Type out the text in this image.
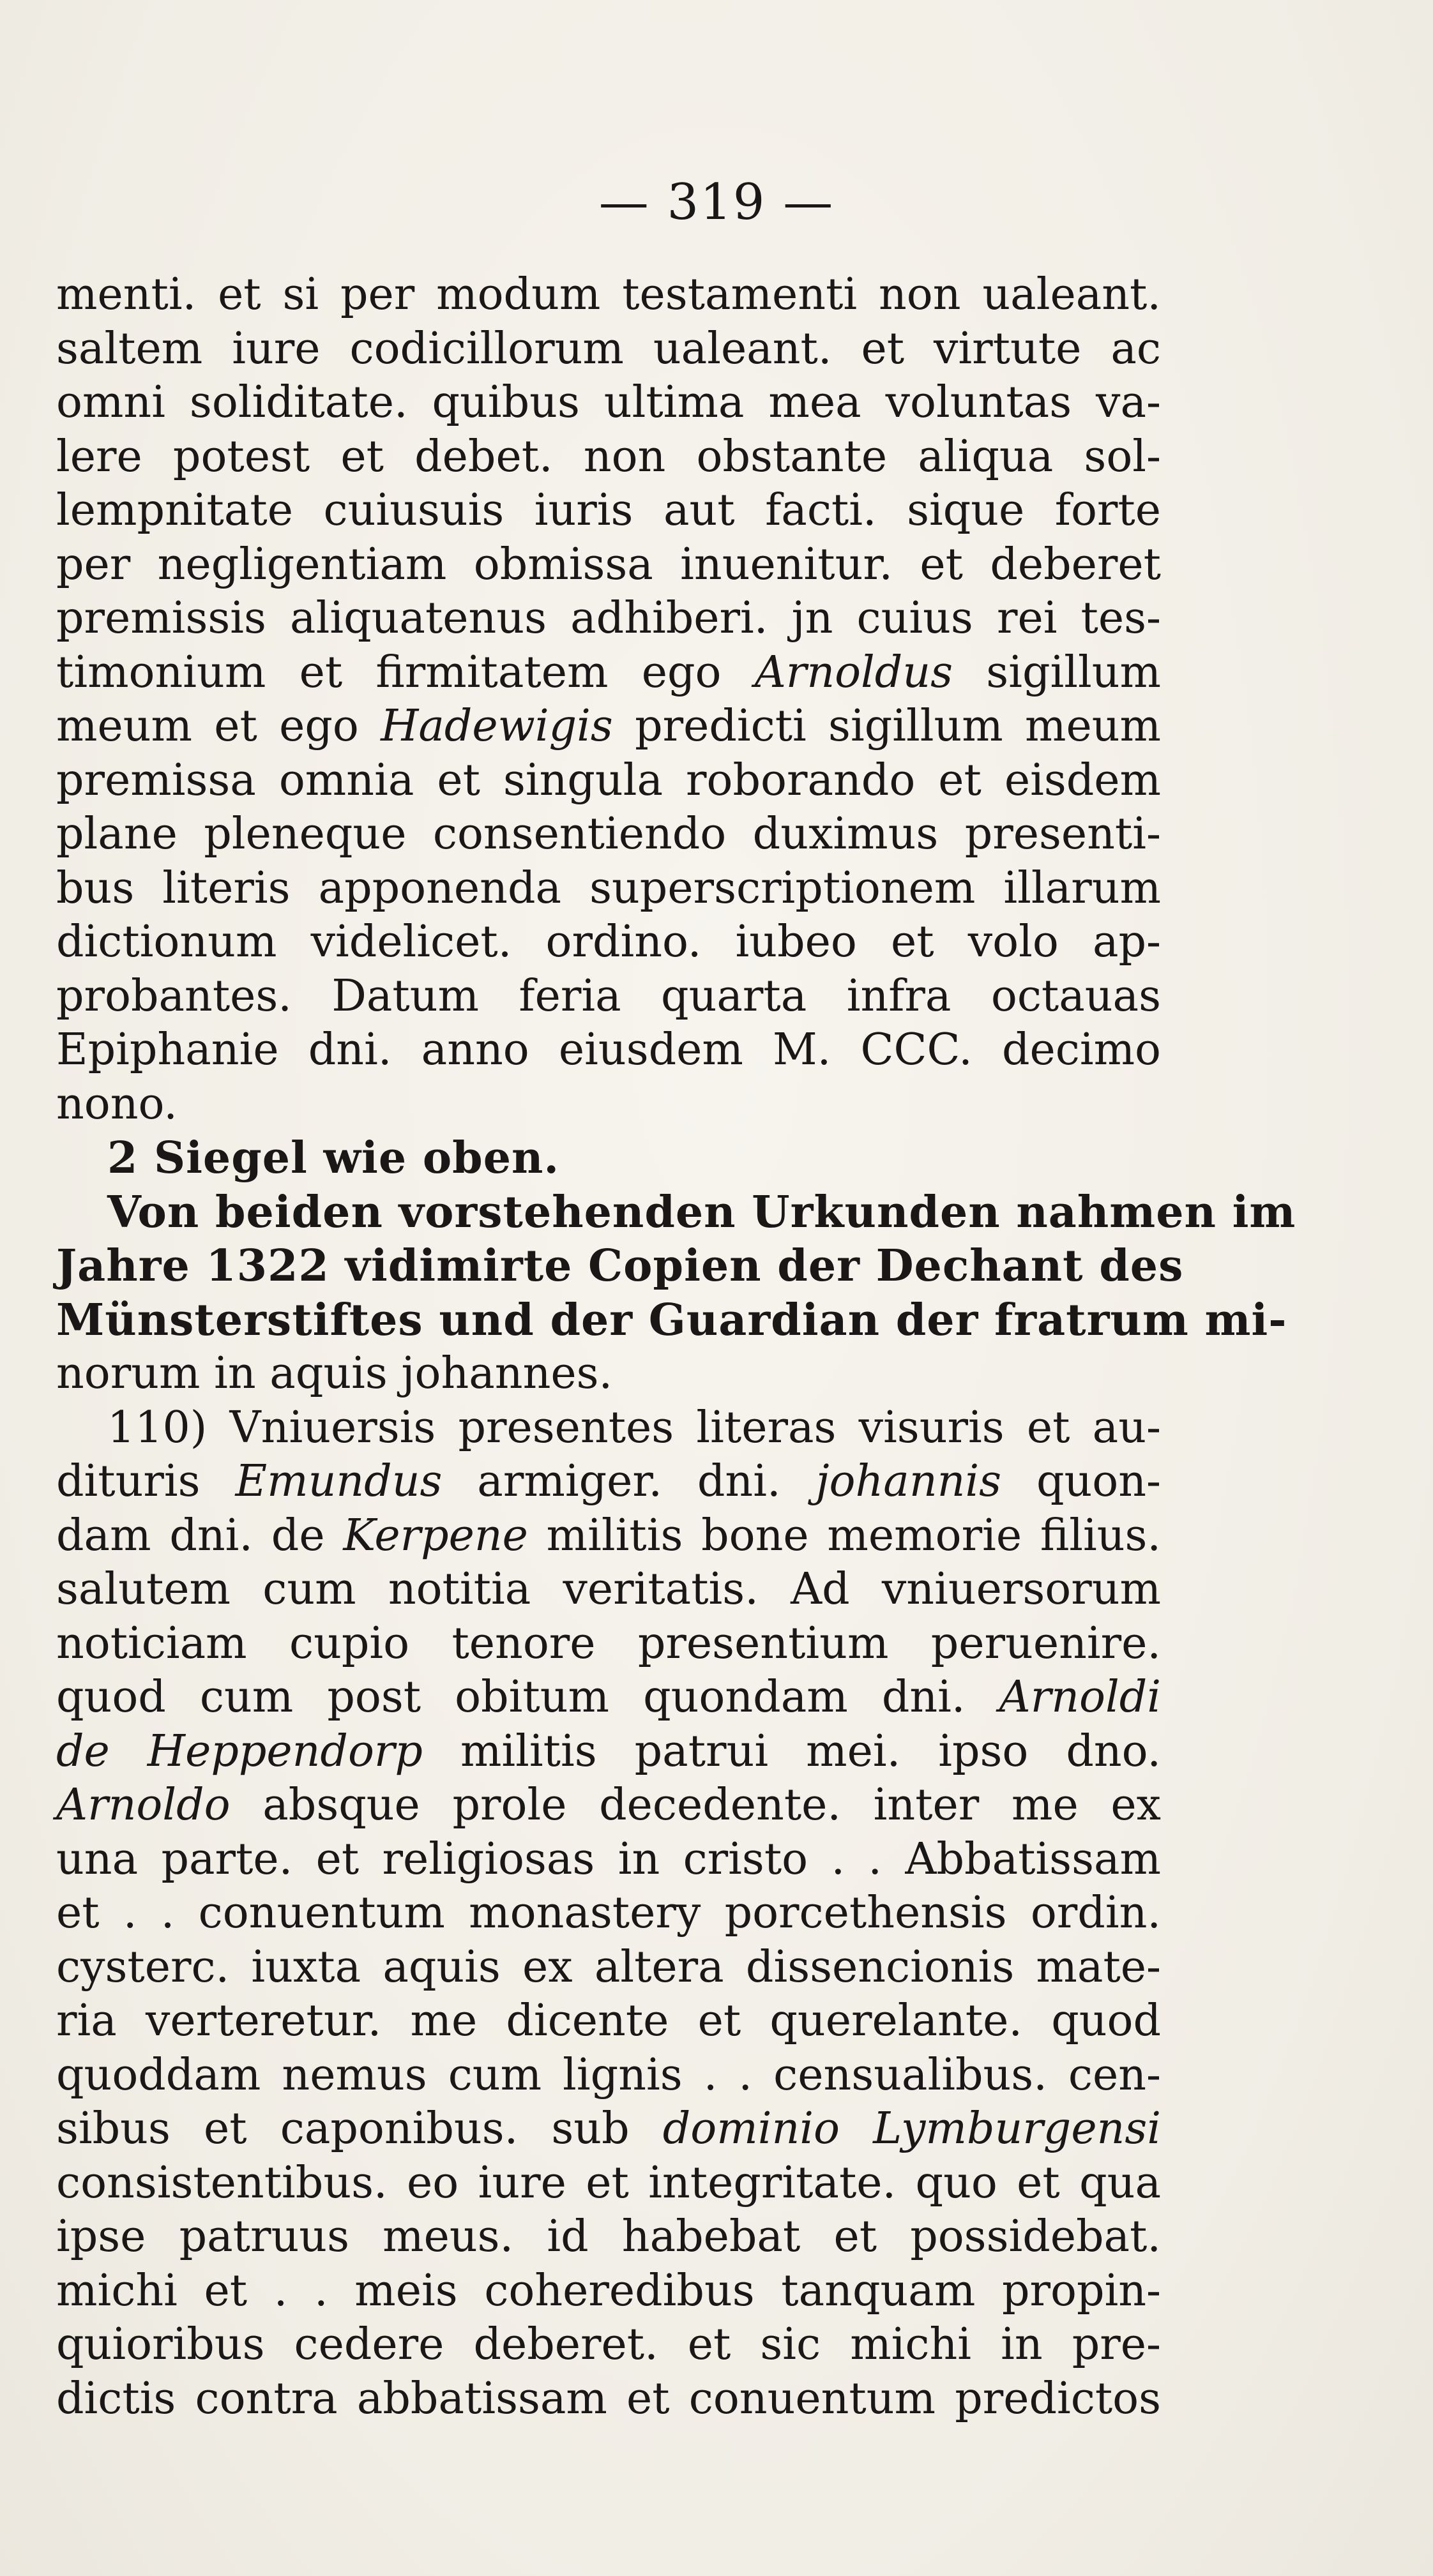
— 319 —
menti. et si per modum testamenti non ualeant.
saltem iure codicillorum ualeant. et virtute ac
omni soliditate. quibus ultima mea voluntas va-
lere potest et debet. non obstante aliqua sol-
lempnitate cuiusuis iuris aut facti. sique forte
per negligentiam obmissa inuenitur. et deberet
premissis aliquatenus adhiberi. jn cuius rei tes-
timonium et firmitatem ego Arnoldus sigillum
meum et ego Hadewigis predicti sigillum meum
premissa omnia et singula roborando et eisdem
plane pleneque consentiendo duximus presenti-
bus literis apponenda superscriptionem illarum
dictionum videlicet. ordino. iubeo et volo ap-
probantes. Datum feria quarta infra octauas
Epiphanie dni. anno eiusdem M. CCC. decimo
nono.
2 Siegel wie oben.
Von beiden vorstehenden Urkunden nahmen im
Jahre 1322 vidimirte Copien der Dechant des
Münsterstiftes und der Guardian der fratrum mi-
norum in aquis johannes.
110) Vniuersis presentes literas visuris et au-
dituris Emundus armiger. dni. johannis quon-
dam dni. de Kerpene militis bone memorie filius.
salutem cum notitia veritatis. Ad vniuersorum
noticiam cupio tenore presentium peruenire.
quod cum post obitum quondam dni. Arnoldi
de Heppendorp militis patrui mei. ipso dno.
Arnoldo absque prole decedente. inter me ex
una parte. et religiosas in cristo . . Abbatissam
et . . conuentum monastery porcethensis ordin.
cysterc. iuxta aquis ex altera dissencionis mate-
ria verteretur. me dicente et querelante. quod
quoddam nemus cum lignis . . censualibus. cen-
sibus et caponibus. sub dominio Lymburgensi
consistentibus. eo iure et integritate. quo et qua
ipse patruus meus. id habebat et possidebat.
michi et . . meis coheredibus tanquam propin-
quioribus cedere deberet. et sic michi in pre-
dictis contra abbatissam et conuentum predictos
